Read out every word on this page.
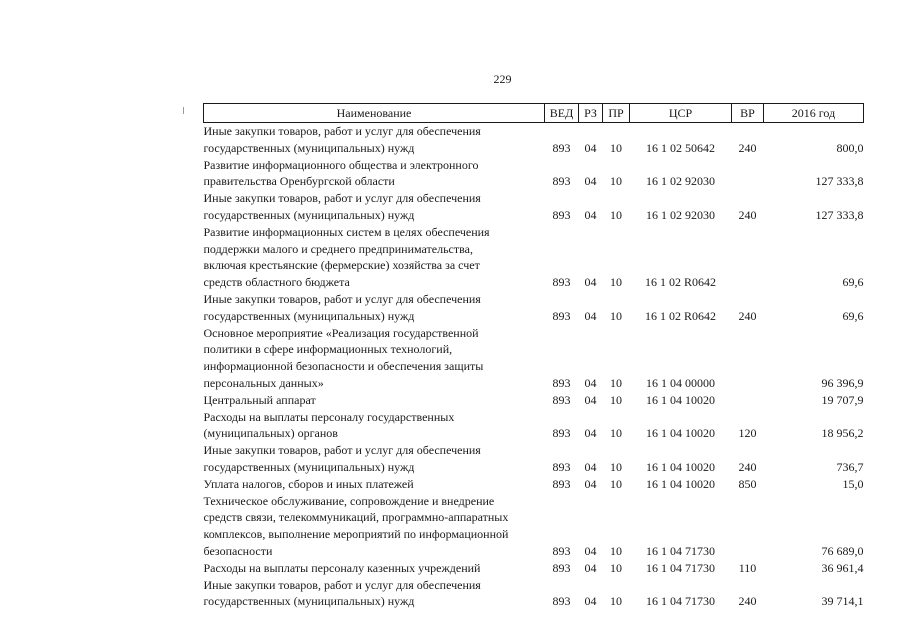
229
Наименование	ВЕД	РЗ	ПР	ЦСР	ВР	2016 год

Иные закупки товаров, работ и услуг для обеспечения
государственных (муниципальных) нужд	893	04	10	16 1 02 50642	240	800,0

Развитие информационного общества и электронного
правительства Оренбургской области	893	04	10	16 1 02 92030		127 333,8

Иные закупки товаров, работ и услуг для обеспечения
государственных (муниципальных) нужд	893	04	10	16 1 02 92030	240	127 333,8

Развитие информационных систем в целях обеспечения
поддержки малого и среднего предпринимательства,
включая крестьянские (фермерские) хозяйства за счет
средств областного бюджета	893	04	10	16 1 02 R0642		69,6

Иные закупки товаров, работ и услуг для обеспечения
государственных (муниципальных) нужд	893	04	10	16 1 02 R0642	240	69,6

Основное мероприятие «Реализация государственной
политики в сфере информационных технологий,
информационной безопасности и обеспечения защиты
персональных данных»	893	04	10	16 1 04 00000		96 396,9

Центральный аппарат	893	04	10	16 1 04 10020		19 707,9

Расходы на выплаты персоналу государственных
(муниципальных) органов	893	04	10	16 1 04 10020	120	18 956,2

Иные закупки товаров, работ и услуг для обеспечения
государственных (муниципальных) нужд	893	04	10	16 1 04 10020	240	736,7

Уплата налогов, сборов и иных платежей	893	04	10	16 1 04 10020	850	15,0

Техническое обслуживание, сопровождение и внедрение
средств связи, телекоммуникаций, программно-аппаратных
комплексов, выполнение мероприятий по информационной
безопасности	893	04	10	16 1 04 71730		76 689,0

Расходы на выплаты персоналу казенных учреждений	893	04	10	16 1 04 71730	110	36 961,4

Иные закупки товаров, работ и услуг для обеспечения
государственных (муниципальных) нужд	893	04	10	16 1 04 71730	240	39 714,1
